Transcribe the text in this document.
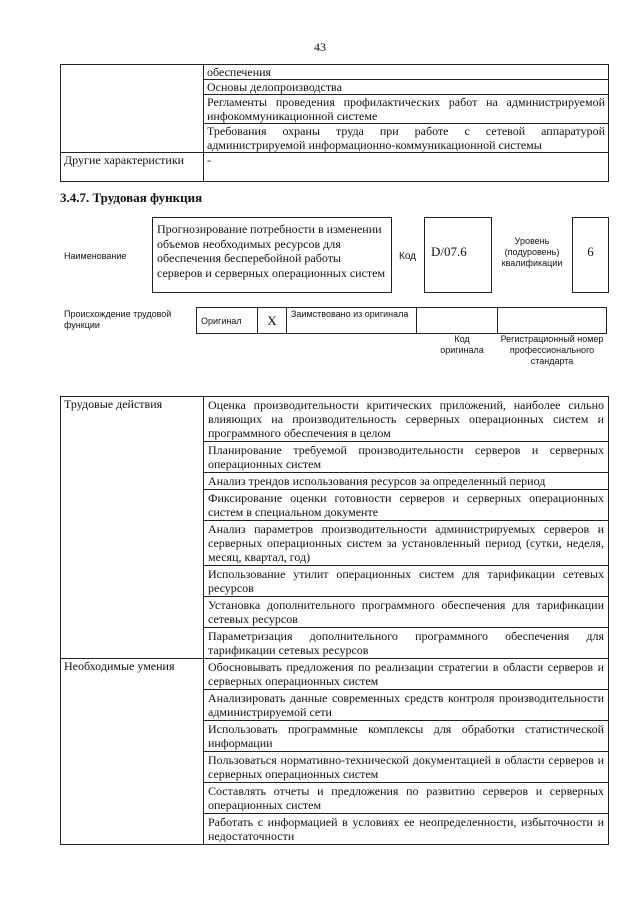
43
	обеспечения
	Основы делопроизводства
	Регламенты проведения профилактических работ на администрируемой инфокоммуникационной системе
	Требования охраны труда при работе с сетевой аппаратурой администрируемой информационно-коммуникационной системы
Другие характеристики	-
3.4.7. Трудовая функция
Наименование
Прогнозирование потребности в изменении объемов необходимых ресурсов для обеспечения бесперебойной работы серверов и серверных операционных систем
Код	D/07.6
Уровень (подуровень) квалификации
6
Происхождение трудовой функции	Оригинал	X	Заимствовано из оригинала		
Код оригинала
Регистрационный номер профессионального стандарта
Трудовые действия	Оценка производительности критических приложений, наиболее сильно влияющих на производительность серверных операционных систем и программного обеспечения в целом
	Планирование требуемой производительности серверов и серверных операционных систем
	Анализ трендов использования ресурсов за определенный период
	Фиксирование оценки готовности серверов и серверных операционных систем в специальном документе
	Анализ параметров производительности администрируемых серверов и серверных операционных систем за установленный период (сутки, неделя, месяц, квартал, год)
	Использование утилит операционных систем для тарификации сетевых ресурсов
	Установка дополнительного программного обеспечения для тарификации сетевых ресурсов
	Параметризация дополнительного программного обеспечения для тарификации сетевых ресурсов
Необходимые умения	Обосновывать предложения по реализации стратегии в области серверов и серверных операционных систем
	Анализировать данные современных средств контроля производительности администрируемой сети
	Использовать программные комплексы для обработки статистической информации
	Пользоваться нормативно-технической документацией в области серверов и серверных операционных систем
	Составлять отчеты и предложения по развитию серверов и серверных операционных систем
	Работать с информацией в условиях ее неопределенности, избыточности и недостаточности
